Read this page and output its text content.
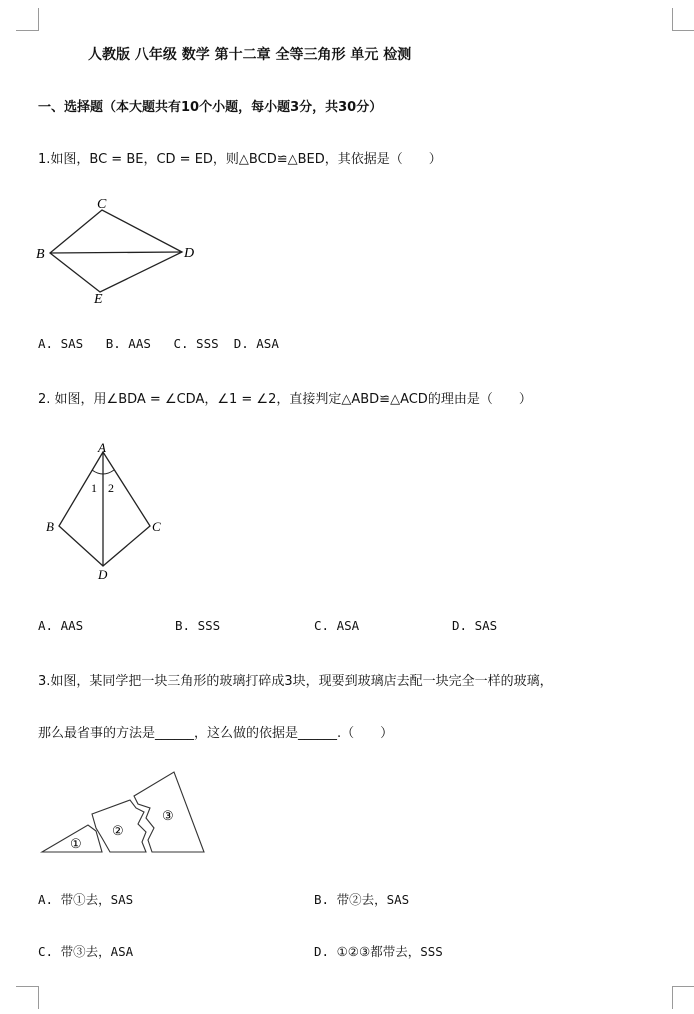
人教版 八年级 数学 第十二章 全等三角形 单元 检测
一、选择题（本大题共有10个小题，每小题3分，共30分）
1.如图，BC = BE，CD = ED，则△BCD≌△BED，其依据是（　　）
C
B	D
E
A. SAS B. AAS C. SSS D. ASA
2. 如图，用∠BDA = ∠CDA，∠1 = ∠2，直接判定△ABD≌△ACD的理由是（　　）
A
1 2
B	C
D
A. AAS	B. SSS	C. ASA	D. SAS
3.如图，某同学把一块三角形的玻璃打碎成3块，现要到玻璃店去配一块完全一样的玻璃，
那么最省事的方法是______，这么做的依据是______.（　　）
①
②
③
A. 带①去，SAS	B. 带②去，SAS
C. 带③去，ASA	D. ①②③都带去，SSS
